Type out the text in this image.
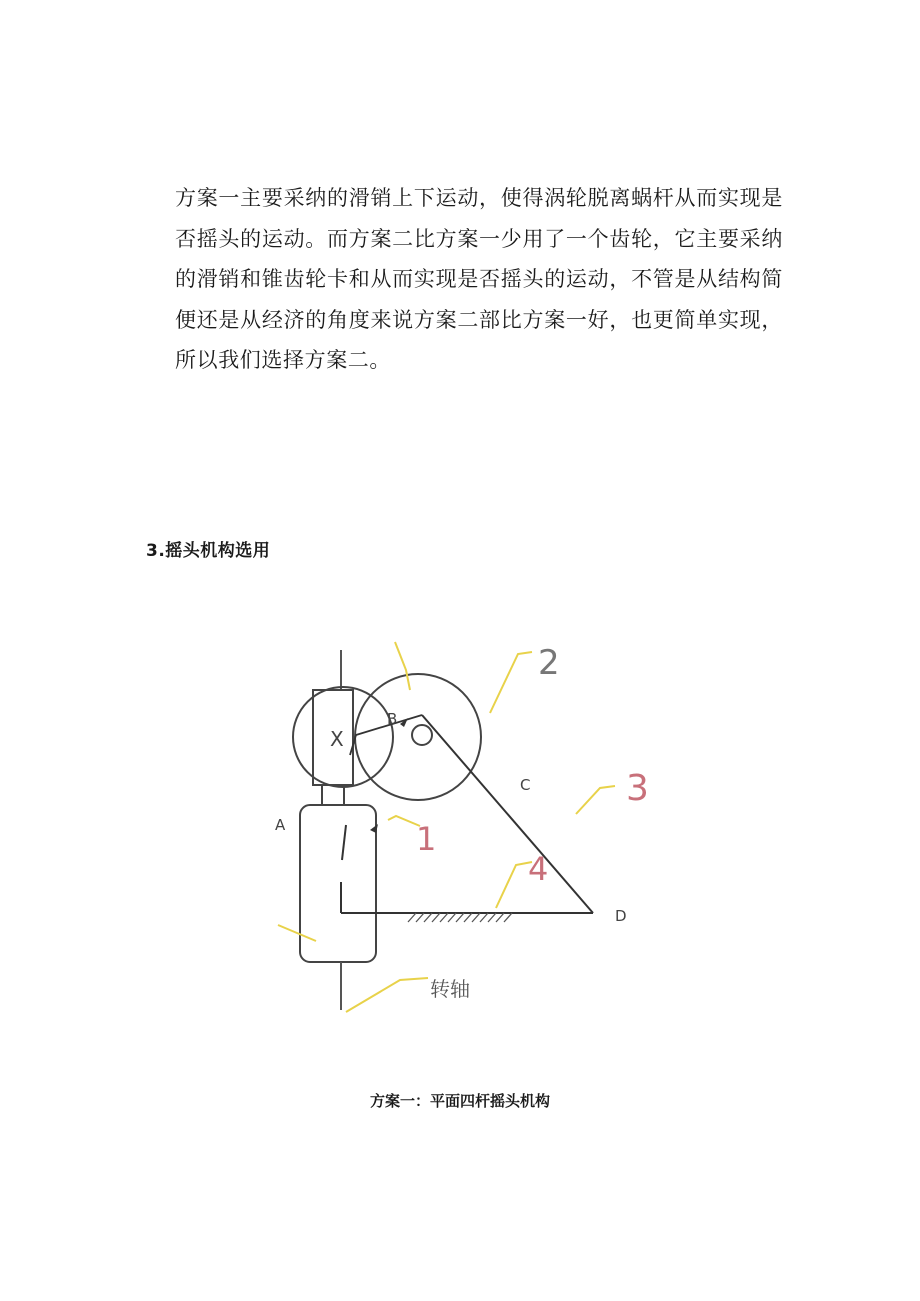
方案一主要采纳的滑销上下运动，使得涡轮脱离蜗杆从而实现是否摇头的运动。而方案二比方案一少用了一个齿轮，它主要采纳的滑销和锥齿轮卡和从而实现是否摇头的运动，不管是从结构简便还是从经济的角度来说方案二部比方案一好，也更简单实现，所以我们选择方案二。

3.摇头机构选用
X
B
C
A
D
1
2
3
4
转轴

方案一：平面四杆摇头机构
